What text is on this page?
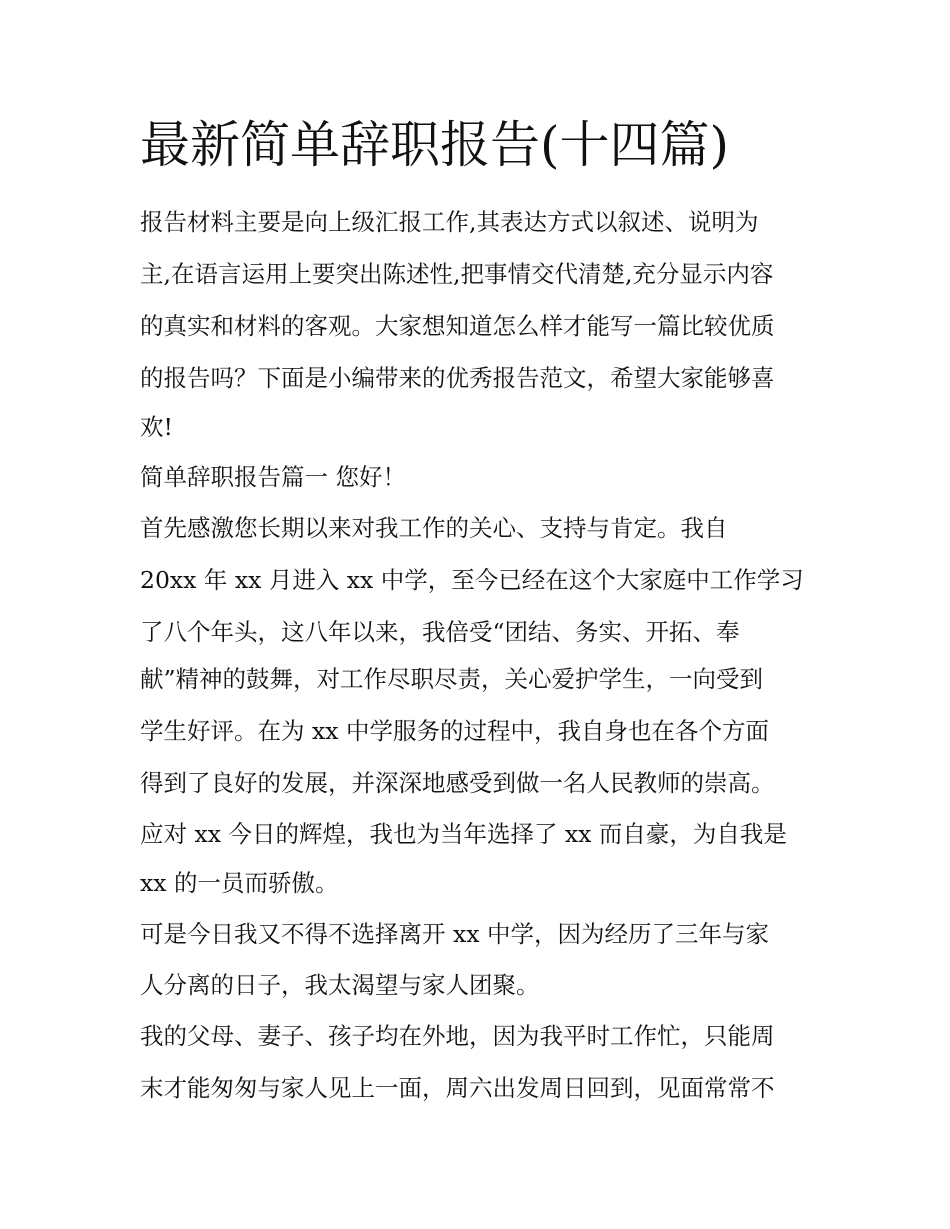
最新简单辞职报告(十四篇)

报告材料主要是向上级汇报工作,其表达方式以叙述、说明为

主,在语言运用上要突出陈述性,把事情交代清楚,充分显示内容

的真实和材料的客观。大家想知道怎么样才能写一篇比较优质

的报告吗？下面是小编带来的优秀报告范文，希望大家能够喜

欢!

简单辞职报告篇一 您好！

首先感激您长期以来对我工作的关心、支持与肯定。我自

20xx 年 xx 月进入 xx 中学，至今已经在这个大家庭中工作学习

了八个年头，这八年以来，我倍受“团结、务实、开拓、奉

献”精神的鼓舞，对工作尽职尽责，关心爱护学生，一向受到

学生好评。在为 xx 中学服务的过程中，我自身也在各个方面

得到了良好的发展，并深深地感受到做一名人民教师的崇高。

应对 xx 今日的辉煌，我也为当年选择了 xx 而自豪，为自我是

xx 的一员而骄傲。

可是今日我又不得不选择离开 xx 中学，因为经历了三年与家

人分离的日子，我太渴望与家人团聚。

我的父母、妻子、孩子均在外地，因为我平时工作忙，只能周

末才能匆匆与家人见上一面，周六出发周日回到，见面常常不
